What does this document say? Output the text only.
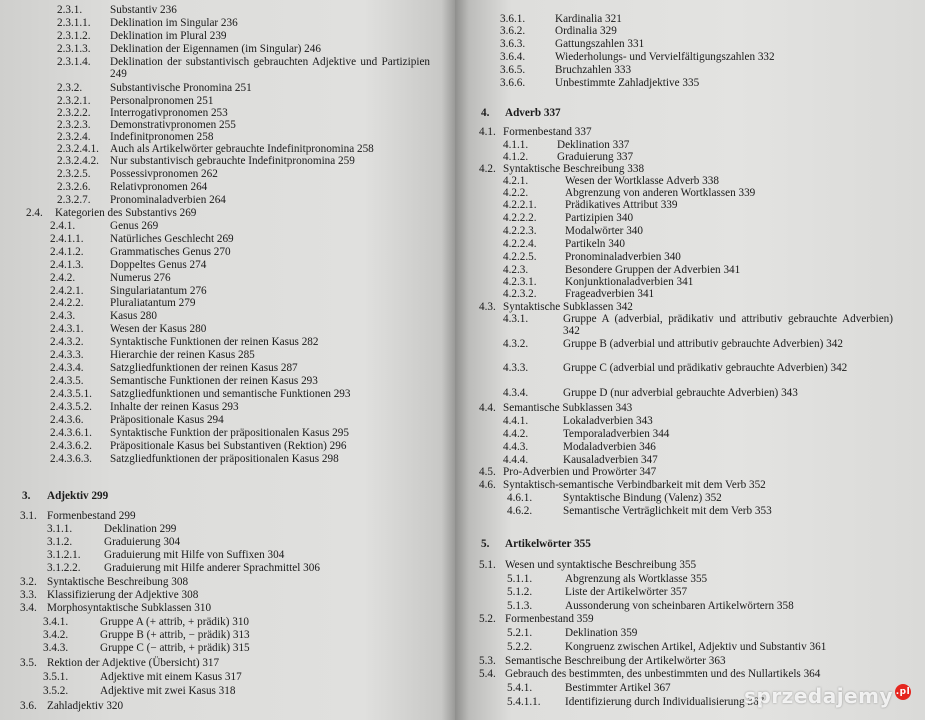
2.3.1. Substantiv 236
2.3.1.1. Deklination im Singular 236
2.3.1.2. Deklination im Plural 239
2.3.1.3. Deklination der Eigennamen (im Singular) 246
2.3.1.4. Deklination der substantivisch gebrauchten Adjektive und Partizipien 249
2.3.2. Substantivische Pronomina 251
2.3.2.1. Personalpronomen 251
2.3.2.2. Interrogativpronomen 253
2.3.2.3. Demonstrativpronomen 255
2.3.2.4. Indefinitpronomen 258
2.3.2.4.1. Auch als Artikelwörter gebrauchte Indefinitpronomina 258
2.3.2.4.2. Nur substantivisch gebrauchte Indefinitpronomina 259
2.3.2.5. Possessivpronomen 262
2.3.2.6. Relativpronomen 264
2.3.2.7. Pronominaladverbien 264
2.4. Kategorien des Substantivs 269
2.4.1.	Genus 269
2.4.1.1. Natürliches Geschlecht 269
2.4.1.2. Grammatisches Genus 270
2.4.1.3. Doppeltes Genus 274
2.4.2.	Numerus 276
2.4.2.1. Singulariatantum 276
2.4.2.2. Pluraliatantum 279
2.4.3.	Kasus 280
2.4.3.1. Wesen der Kasus 280
2.4.3.2. Syntaktische Funktionen der reinen Kasus 282
2.4.3.3. Hierarchie der reinen Kasus 285
2.4.3.4. Satzgliedfunktionen der reinen Kasus 287
2.4.3.5. Semantische Funktionen der reinen Kasus 293
2.4.3.5.1. Satzgliedfunktionen und semantische Funktionen 293
2.4.3.5.2. Inhalte der reinen Kasus 293
2.4.3.6. Präpositionale Kasus 294
2.4.3.6.1. Syntaktische Funktion der präpositionalen Kasus 295
2.4.3.6.2. Präpositionale Kasus bei Substantiven (Rektion) 296
2.4.3.6.3. Satzgliedfunktionen der präpositionalen Kasus 298
3. Adjektiv 299
3.1. Formenbestand 299
3.1.1.	Deklination 299
3.1.2.	Graduierung 304
3.1.2.1. Graduierung mit Hilfe von Suffixen 304
3.1.2.2. Graduierung mit Hilfe anderer Sprachmittel 306
3.2. Syntaktische Beschreibung 308
3.3. Klassifizierung der Adjektive 308
3.4. Morphosyntaktische Subklassen 310
3.4.1.	Gruppe A (+ attrib, + prädik) 310
3.4.2.	Gruppe B (+ attrib, − prädik) 313
3.4.3.	Gruppe C (− attrib, + prädik) 315
3.5. Rektion der Adjektive (Übersicht) 317
3.5.1.	Adjektive mit einem Kasus 317
3.5.2.	Adjektive mit zwei Kasus 318
3.6. Zahladjektiv 320
3.6.1.	Kardinalia 321
3.6.2.	Ordinalia 329
3.6.3.	Gattungszahlen 331
3.6.4.	Wiederholungs- und Vervielfältigungszahlen 332
3.6.5.	Bruchzahlen 333
3.6.6.	Unbestimmte Zahladjektive 335
4. Adverb 337
4.1. Formenbestand 337
4.1.1.	Deklination 337
4.1.2.	Graduierung 337
4.2. Syntaktische Beschreibung 338
4.2.1.	Wesen der Wortklasse Adverb 338
4.2.2.	Abgrenzung von anderen Wortklassen 339
4.2.2.1.	Prädikatives Attribut 339
4.2.2.2.	Partizipien 340
4.2.2.3.	Modalwörter 340
4.2.2.4.	Partikeln 340
4.2.2.5.	Pronominaladverbien 340
4.2.3.	Besondere Gruppen der Adverbien 341
4.2.3.1.	Konjunktionaladverbien 341
4.2.3.2.	Frageadverbien 341
4.3. Syntaktische Subklassen 342
4.3.1.	Gruppe A (adverbial, prädikativ und attributiv gebrauchte Adverbien) 342
4.3.2.	Gruppe B (adverbial und attributiv gebrauchte Adverbien) 342
4.3.3.	Gruppe C (adverbial und prädikativ gebrauchte Adverbien) 342
4.3.4.	Gruppe D (nur adverbial gebrauchte Adverbien) 343
4.4. Semantische Subklassen 343
4.4.1.	Lokaladverbien 343
4.4.2.	Temporaladverbien 344
4.4.3.	Modaladverbien 346
4.4.4.	Kausaladverbien 347
4.5. Pro-Adverbien und Prowörter 347
4.6. Syntaktisch-semantische Verbindbarkeit mit dem Verb 352
4.6.1.	Syntaktische Bindung (Valenz) 352
4.6.2.	Semantische Verträglichkeit mit dem Verb 353
5. Artikelwörter 355
5.1. Wesen und syntaktische Beschreibung 355
5.1.1.	Abgrenzung als Wortklasse 355
5.1.2.	Liste der Artikelwörter 357
5.1.3.	Aussonderung von scheinbaren Artikelwörtern 358
5.2. Formenbestand 359
5.2.1.	Deklination 359
5.2.2.	Kongruenz zwischen Artikel, Adjektiv und Substantiv 361
5.3. Semantische Beschreibung der Artikelwörter 363
5.4. Gebrauch des bestimmten, des unbestimmten und des Nullartikels 364
5.4.1.	Bestimmter Artikel 367
5.4.1.1. Identifizierung durch Individualisierung 367
sprzedajemy .pl
